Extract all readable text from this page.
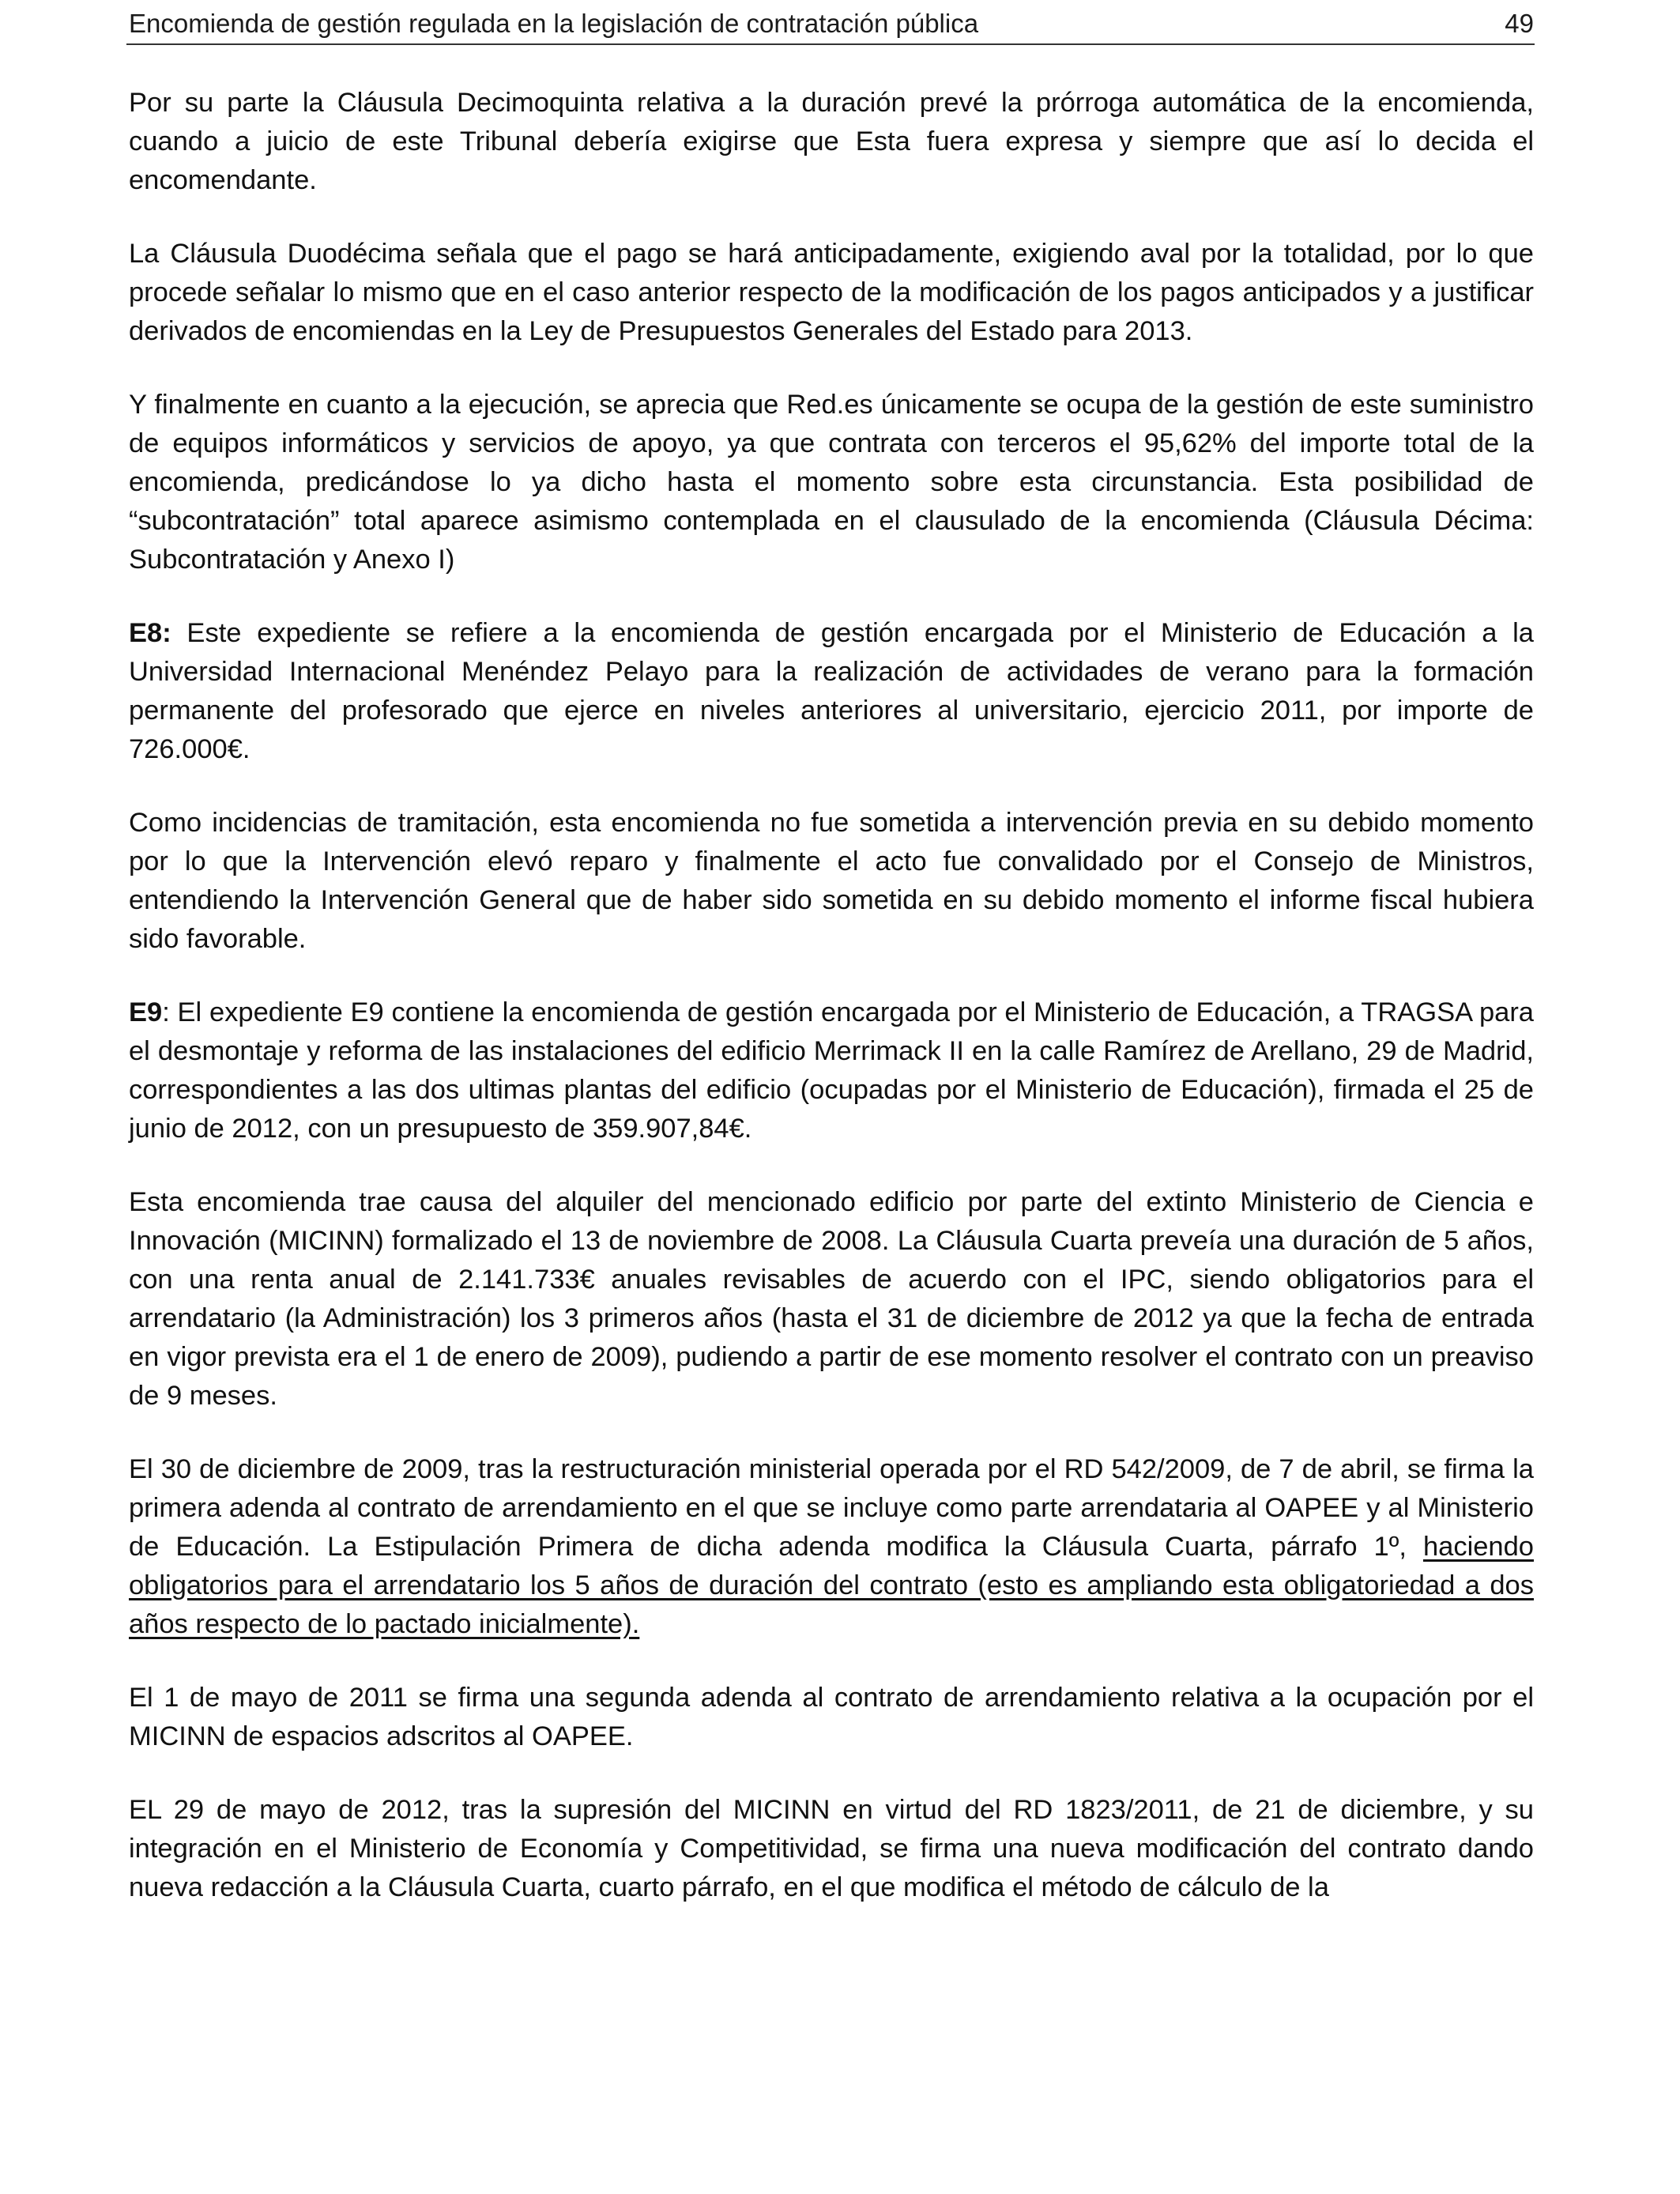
Encomienda de gestión regulada en la legislación de contratación pública	49

Por su parte la Cláusula Decimoquinta relativa a la duración prevé la prórroga automática de la encomienda, cuando a juicio de este Tribunal debería exigirse que Esta fuera expresa y siempre que así lo decida el encomendante.

La Cláusula Duodécima señala que el pago se hará anticipadamente, exigiendo aval por la totalidad, por lo que procede señalar lo mismo que en el caso anterior respecto de la modificación de los pagos anticipados y a justificar derivados de encomiendas en la Ley de Presupuestos Generales del Estado para 2013.

Y finalmente en cuanto a la ejecución, se aprecia que Red.es únicamente se ocupa de la gestión de este suministro de equipos informáticos y servicios de apoyo, ya que contrata con terceros el 95,62% del importe total de la encomienda, predicándose lo ya dicho hasta el momento sobre esta circunstancia. Esta posibilidad de “subcontratación” total aparece asimismo contemplada en el clausulado de la encomienda (Cláusula Décima: Subcontratación y Anexo I)

E8: Este expediente se refiere a la encomienda de gestión encargada por el Ministerio de Educación a la Universidad Internacional Menéndez Pelayo para la realización de actividades de verano para la formación permanente del profesorado que ejerce en niveles anteriores al universitario, ejercicio 2011, por importe de 726.000€.

Como incidencias de tramitación, esta encomienda no fue sometida a intervención previa en su debido momento por lo que la Intervención elevó reparo y finalmente el acto fue convalidado por el Consejo de Ministros, entendiendo la Intervención General que de haber sido sometida en su debido momento el informe fiscal hubiera sido favorable.

E9: El expediente E9 contiene la encomienda de gestión encargada por el Ministerio de Educación, a TRAGSA para el desmontaje y reforma de las instalaciones del edificio Merrimack II en la calle Ramírez de Arellano, 29 de Madrid, correspondientes a las dos ultimas plantas del edificio (ocupadas por el Ministerio de Educación), firmada el 25 de junio de 2012, con un presupuesto de 359.907,84€.

Esta encomienda trae causa del alquiler del mencionado edificio por parte del extinto Ministerio de Ciencia e Innovación (MICINN) formalizado el 13 de noviembre de 2008. La Cláusula Cuarta preveía una duración de 5 años, con una renta anual de 2.141.733€ anuales revisables de acuerdo con el IPC, siendo obligatorios para el arrendatario (la Administración) los 3 primeros años (hasta el 31 de diciembre de 2012 ya que la fecha de entrada en vigor prevista era el 1 de enero de 2009), pudiendo a partir de ese momento resolver el contrato con un preaviso de 9 meses.

El 30 de diciembre de 2009, tras la restructuración ministerial operada por el RD 542/2009, de 7 de abril, se firma la primera adenda al contrato de arrendamiento en el que se incluye como parte arrendataria al OAPEE y al Ministerio de Educación. La Estipulación Primera de dicha adenda modifica la Cláusula Cuarta, párrafo 1º, haciendo obligatorios para el arrendatario los 5 años de duración del contrato (esto es ampliando esta obligatoriedad a dos años respecto de lo pactado inicialmente).

El 1 de mayo de 2011 se firma una segunda adenda al contrato de arrendamiento relativa a la ocupación por el MICINN de espacios adscritos al OAPEE.

EL 29 de mayo de 2012, tras la supresión del MICINN en virtud del RD 1823/2011, de 21 de diciembre, y su integración en el Ministerio de Economía y Competitividad, se firma una nueva modificación del contrato dando nueva redacción a la Cláusula Cuarta, cuarto párrafo, en el que modifica el método de cálculo de la
